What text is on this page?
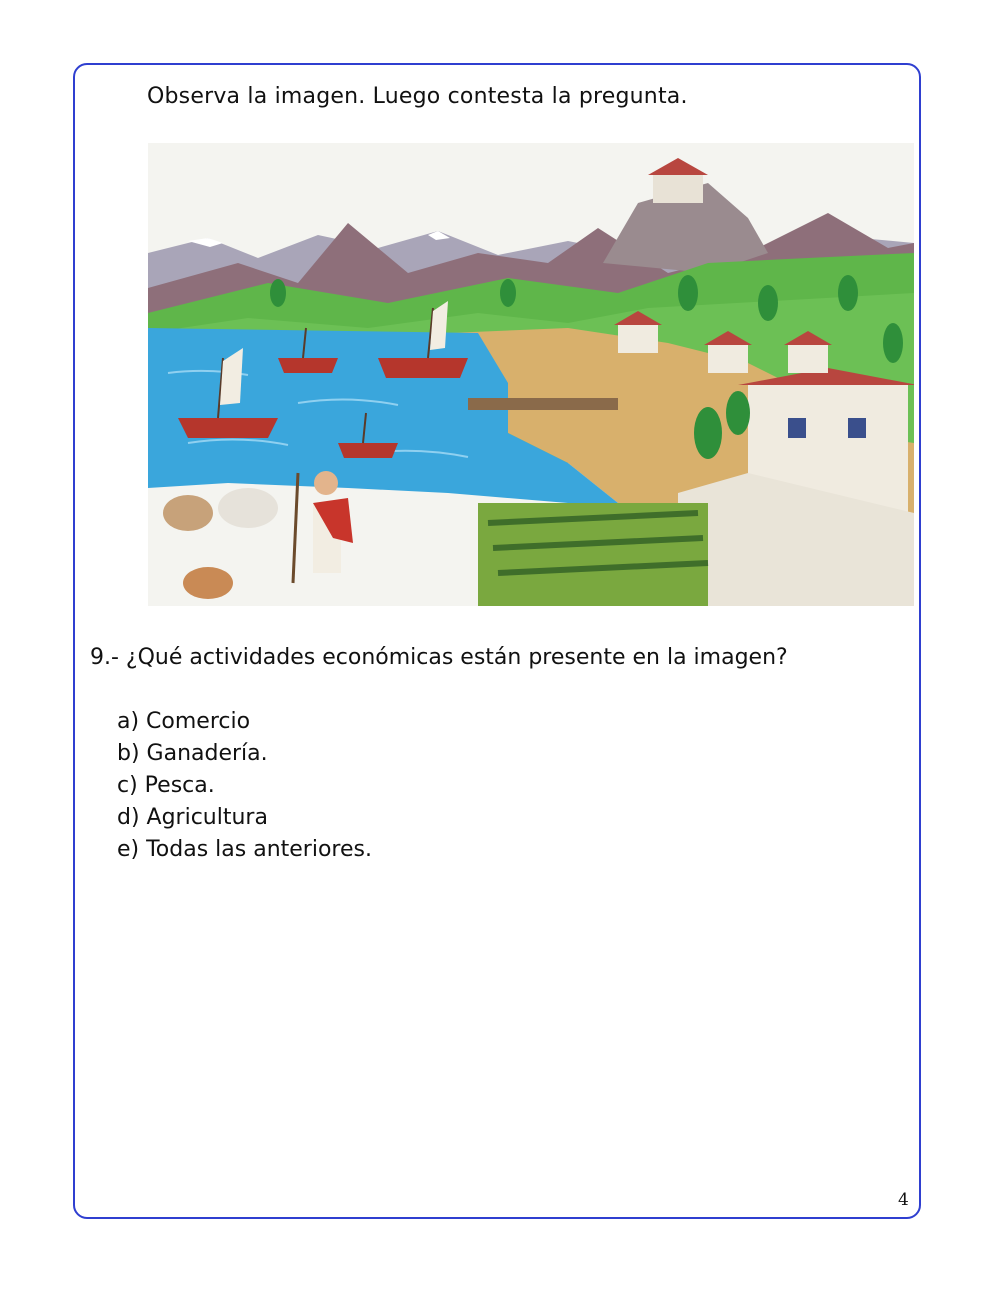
Observa la imagen. Luego contesta la pregunta.
9.- ¿Qué actividades económicas están presente en la imagen?
a) Comercio
b) Ganadería.
c) Pesca.
d) Agricultura
e) Todas las anteriores.
4
